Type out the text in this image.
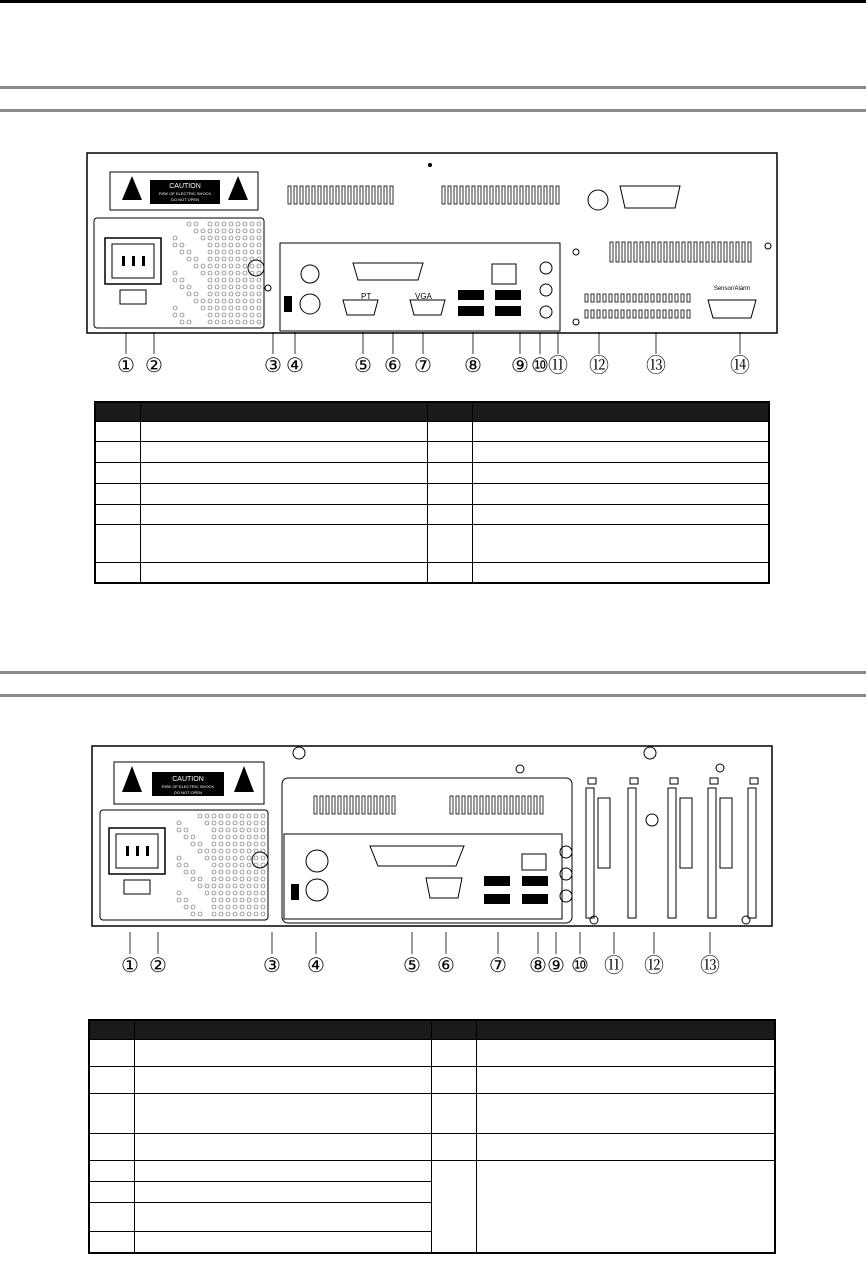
CAUTION
RISK OF ELECTRIC SHOCK
DO NOT OPEN
PT	VGA
Sensor/Alarm
① ②	③ ④	⑤ ⑥ ⑦ ⑧ ⑨ ⑩ ⑪ ⑫ ⑬	⑭

CAUTION
RISK OF ELECTRIC SHOCK
DO NOT OPEN
① ②	③ ④	⑤ ⑥ ⑦ ⑧ ⑨ ⑩ ⑪ ⑫ ⑬
